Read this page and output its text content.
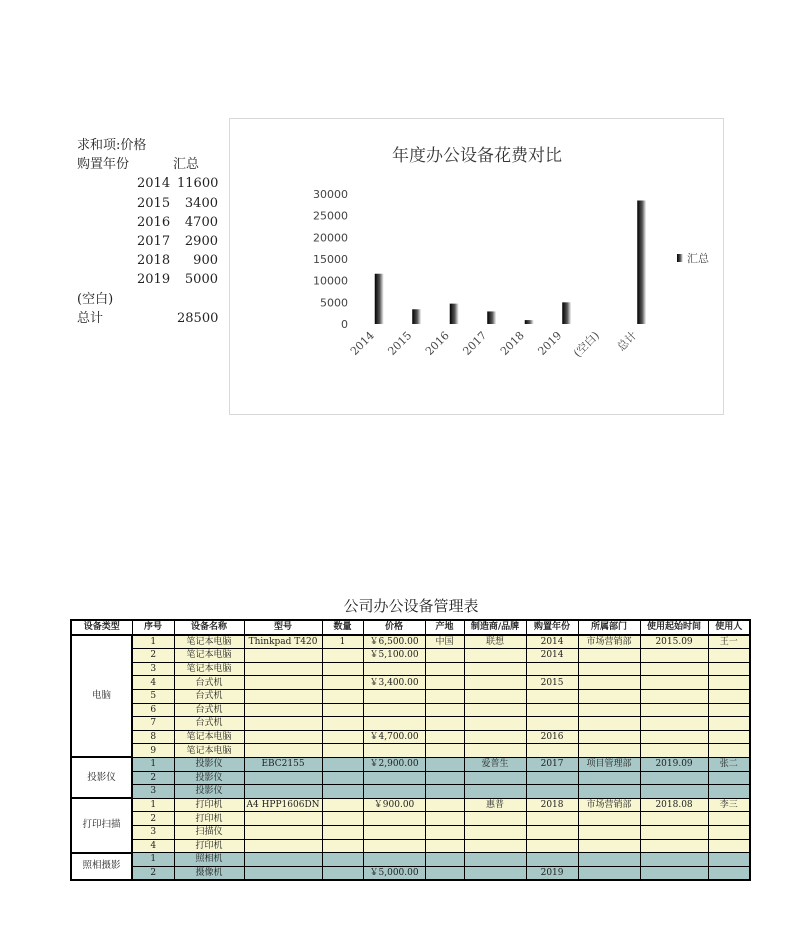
求和项:价格
购置年份	汇总
2014 11600
2015	3400
2016	4700
2017	2900
2018	900
2019	5000
(空白)
总计	28500
年度办公设备花费对比
0
5000
10000
15000
20000
25000
30000
2014 2015 2016 2017 2018 2019 (空白) 总计
汇总
公司办公设备管理表
设备类型	序号	设备名称	型号	数量	价格	产地	制造商/品牌	购置年份	所属部门	使用起始时间	使用人
电脑	1	笔记本电脑	Thinkpad T420	1	￥6,500.00	中国	联想	2014	市场营销部	2015.09	王一
	2	笔记本电脑			￥5,100.00			2014			
	3	笔记本电脑									
	4	台式机			￥3,400.00			2015			
	5	台式机									
	6	台式机									
	7	台式机									
	8	笔记本电脑			￥4,700.00			2016			
	9	笔记本电脑									
投影仪	1	投影仪	EBC2155		￥2,900.00		爱普生	2017	项目管理部	2019.09	张二
	2	投影仪									
	3	投影仪									
打印扫描	1	打印机	A4 HPP1606DN		￥900.00		惠普	2018	市场营销部	2018.08	李三
	2	打印机									
	3	扫描仪									
	4	打印机									
照相摄影	1	照相机									
	2	摄像机			￥5,000.00			2019			
